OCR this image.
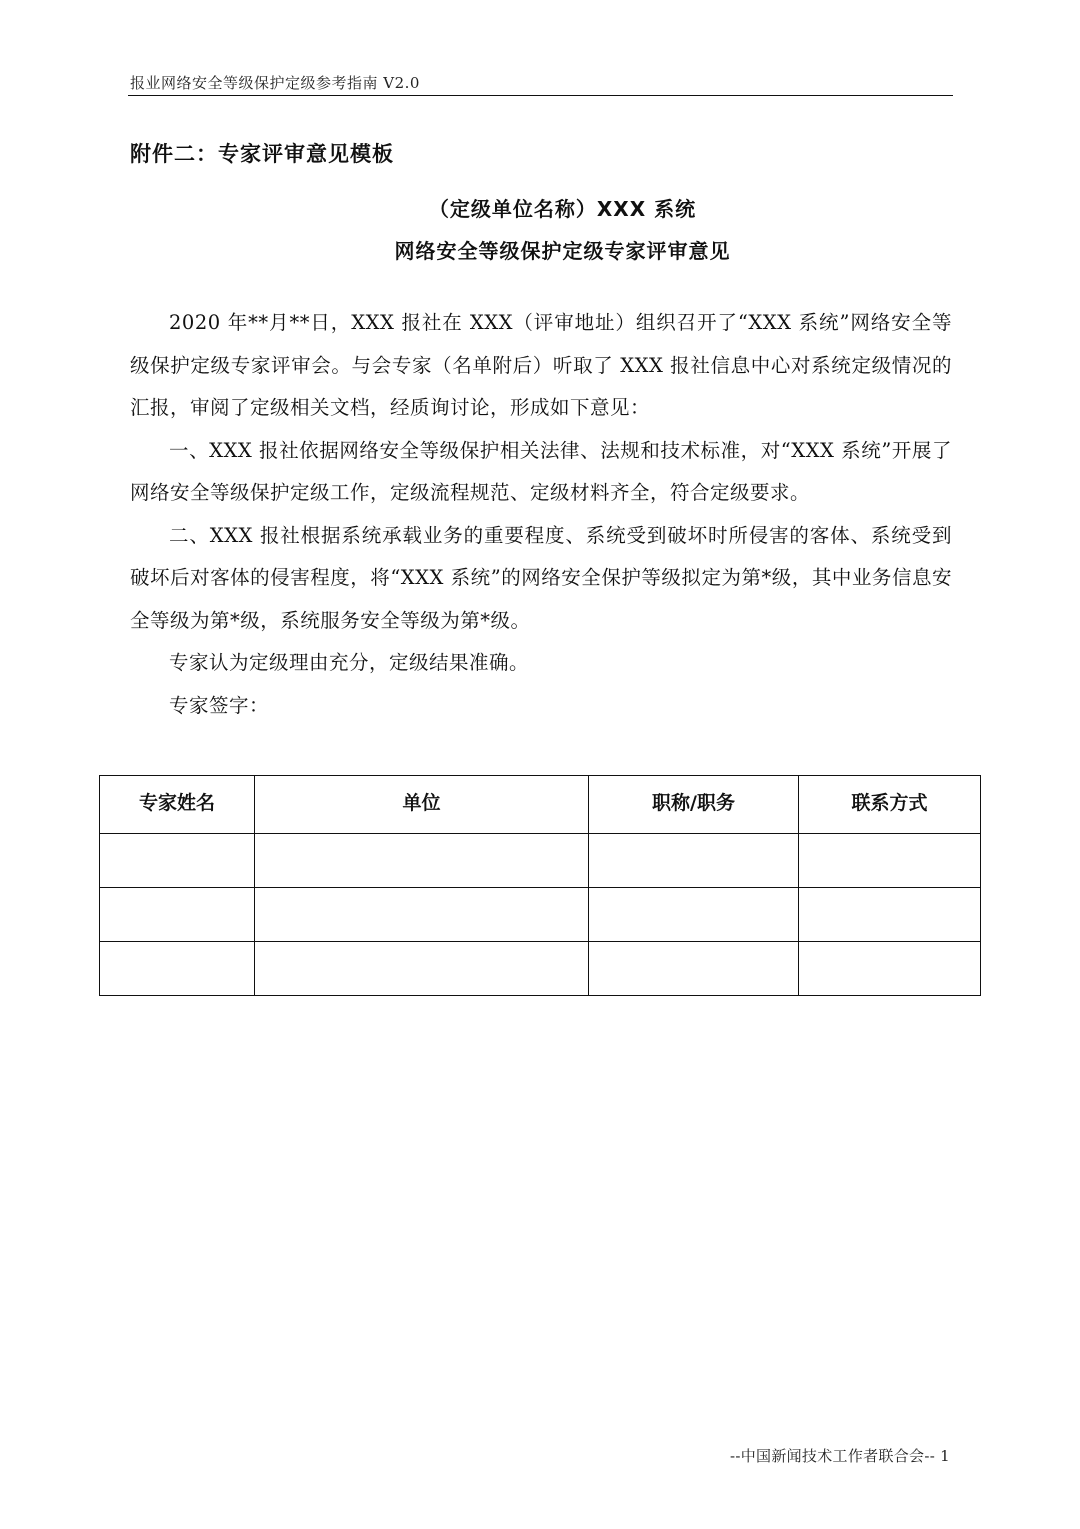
报业网络安全等级保护定级参考指南 V2.0
附件二：专家评审意见模板
（定级单位名称）XXX 系统
网络安全等级保护定级专家评审意见

2020 年**月**日，XXX 报社在 XXX（评审地址）组织召开了“XXX 系统”网络安全等级保护定级专家评审会。与会专家（名单附后）听取了 XXX 报社信息中心对系统定级情况的汇报，审阅了定级相关文档，经质询讨论，形成如下意见：

一、XXX 报社依据网络安全等级保护相关法律、法规和技术标准，对“XXX 系统”开展了网络安全等级保护定级工作，定级流程规范、定级材料齐全，符合定级要求。

二、XXX 报社根据系统承载业务的重要程度、系统受到破坏时所侵害的客体、系统受到破坏后对客体的侵害程度，将“XXX 系统”的网络安全保护等级拟定为第*级，其中业务信息安全等级为第*级，系统服务安全等级为第*级。

专家认为定级理由充分，定级结果准确。

专家签字：

专家姓名	单位	职称/职务	联系方式

--中国新闻技术工作者联合会-- 1
